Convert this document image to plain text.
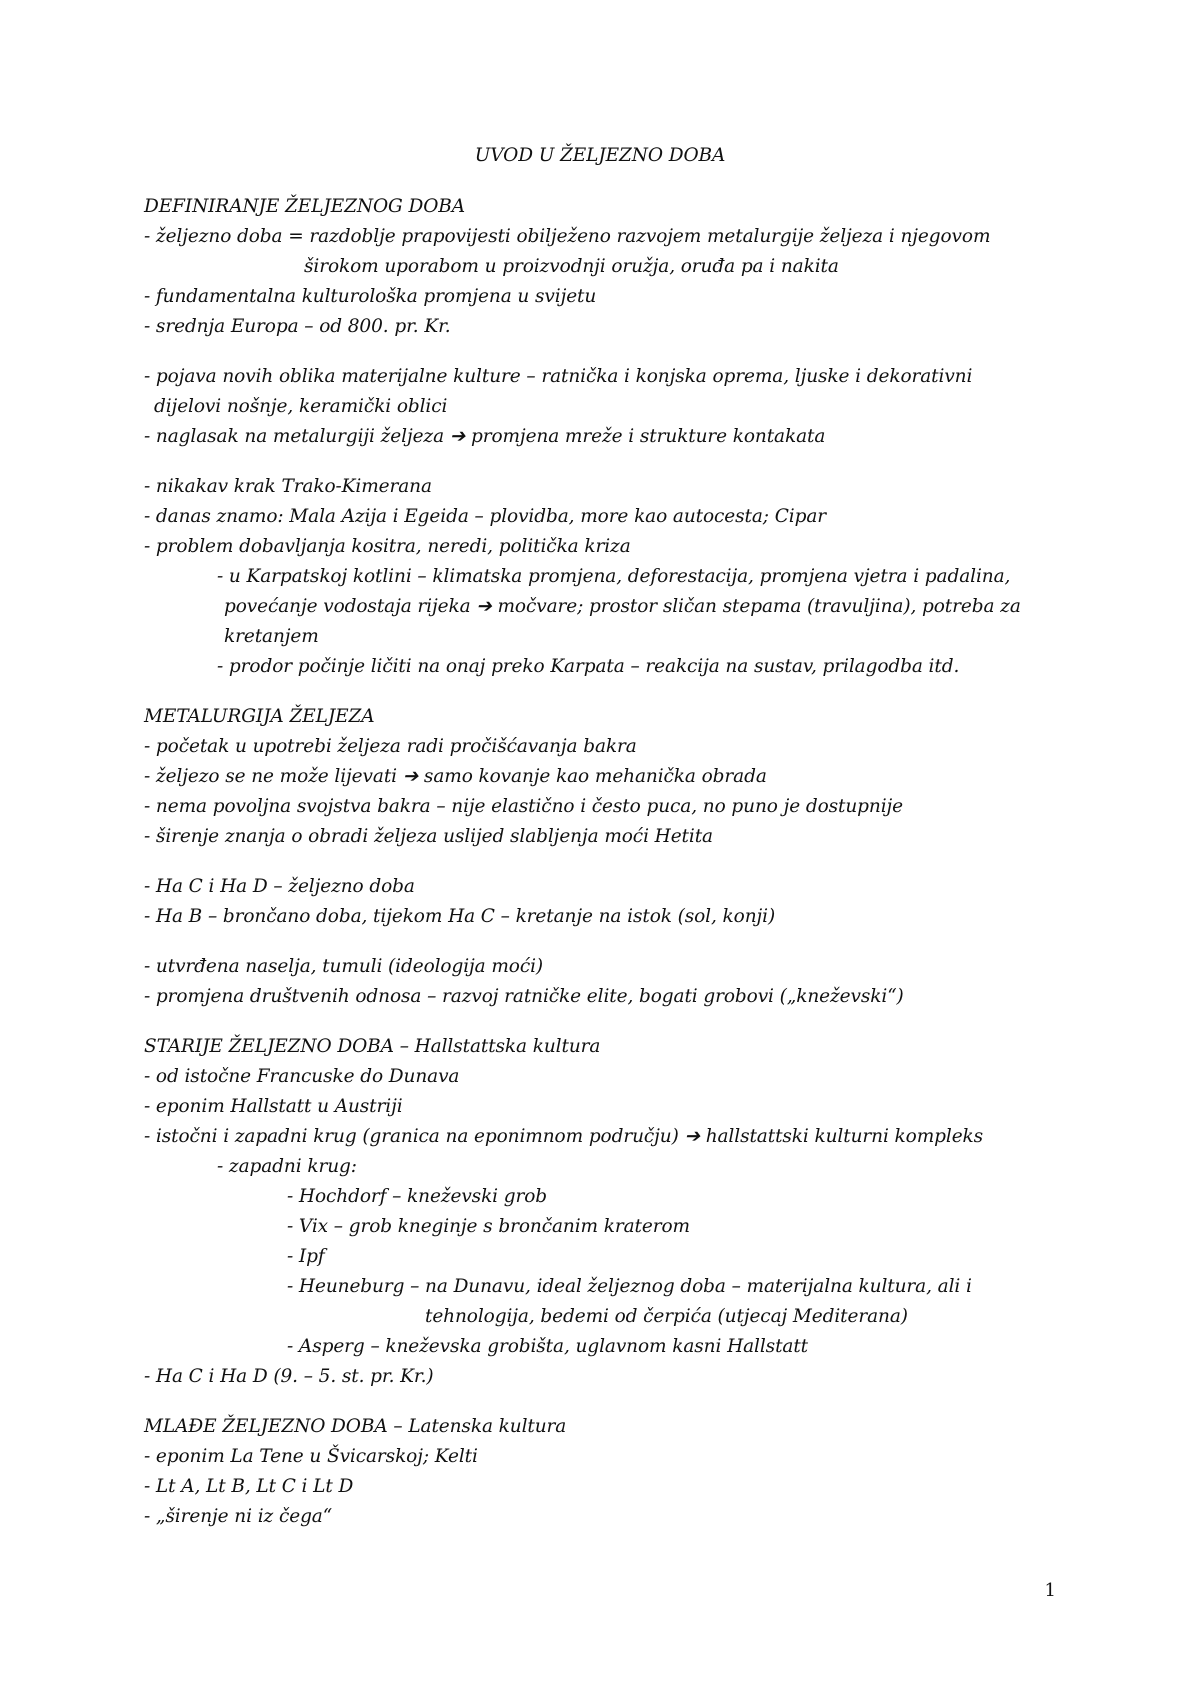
UVOD U ŽELJEZNO DOBA
DEFINIRANJE ŽELJEZNOG DOBA
- željezno doba = razdoblje prapovijesti obilježeno razvojem metalurgije željeza i njegovom
širokom uporabom u proizvodnji oružja, oruđa pa i nakita
- fundamentalna kulturološka promjena u svijetu
- srednja Europa – od 800. pr. Kr.
- pojava novih oblika materijalne kulture – ratnička i konjska oprema, ljuske i dekorativni
dijelovi nošnje, keramički oblici
- naglasak na metalurgiji željeza ➔ promjena mreže i strukture kontakata
- nikakav krak Trako-Kimerana
- danas znamo: Mala Azija i Egeida – plovidba, more kao autocesta; Cipar
- problem dobavljanja kositra, neredi, politička kriza
- u Karpatskoj kotlini – klimatska promjena, deforestacija, promjena vjetra i padalina,
povećanje vodostaja rijeka ➔ močvare; prostor sličan stepama (travuljina), potreba za
kretanjem
- prodor počinje ličiti na onaj preko Karpata – reakcija na sustav, prilagodba itd.
METALURGIJA ŽELJEZA
- početak u upotrebi željeza radi pročišćavanja bakra
- željezo se ne može lijevati ➔ samo kovanje kao mehanička obrada
- nema povoljna svojstva bakra – nije elastično i često puca, no puno je dostupnije
- širenje znanja o obradi željeza uslijed slabljenja moći Hetita
- Ha C i Ha D – željezno doba
- Ha B – brončano doba, tijekom Ha C – kretanje na istok (sol, konji)
- utvrđena naselja, tumuli (ideologija moći)
- promjena društvenih odnosa – razvoj ratničke elite, bogati grobovi („kneževski“)
STARIJE ŽELJEZNO DOBA – Hallstattska kultura
- od istočne Francuske do Dunava
- eponim Hallstatt u Austriji
- istočni i zapadni krug (granica na eponimnom području) ➔ hallstattski kulturni kompleks
- zapadni krug:
- Hochdorf – kneževski grob
- Vix – grob kneginje s brončanim kraterom
- Ipf
- Heuneburg – na Dunavu, ideal željeznog doba – materijalna kultura, ali i
tehnologija, bedemi od čerpića (utjecaj Mediterana)
- Asperg – kneževska grobišta, uglavnom kasni Hallstatt
- Ha C i Ha D (9. – 5. st. pr. Kr.)
MLAĐE ŽELJEZNO DOBA – Latenska kultura
- eponim La Tene u Švicarskoj; Kelti
- Lt A, Lt B, Lt C i Lt D
- „širenje ni iz čega“
1
